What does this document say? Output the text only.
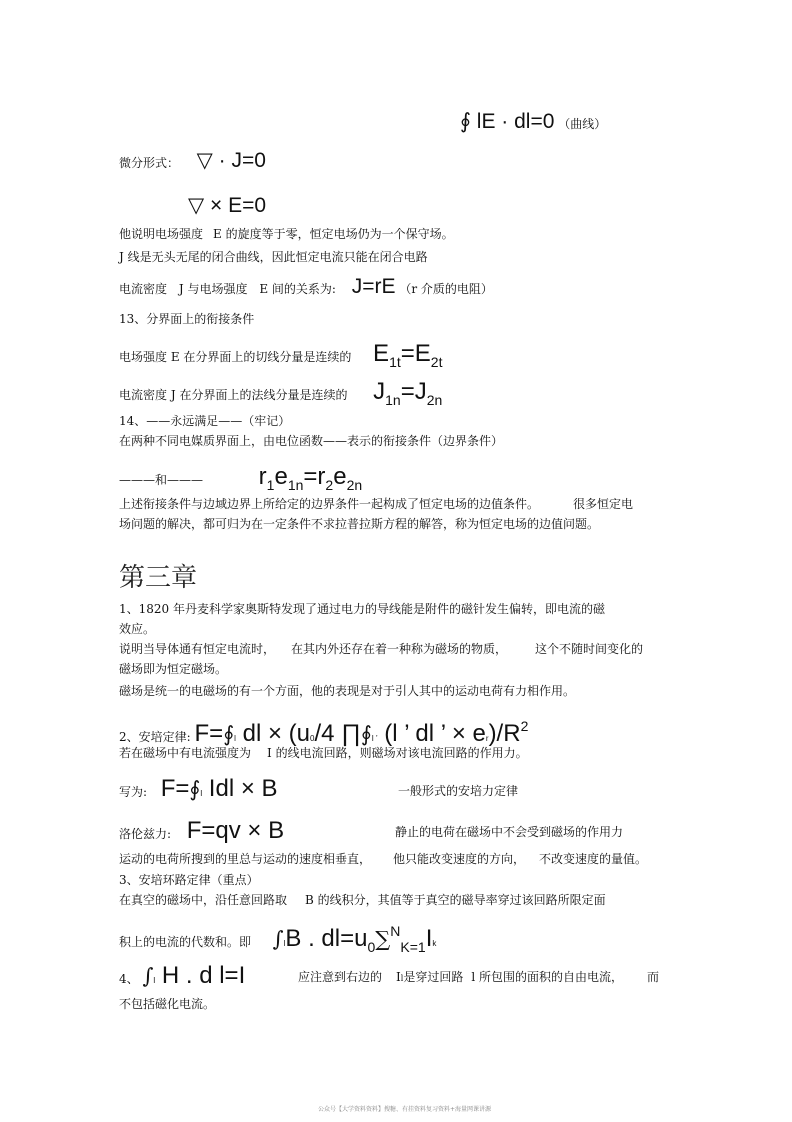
∮ lE · dl=0 （曲线）
微分形式： ▽ · J=0
▽ × E=0
他说明电场强度 E 的旋度等于零，恒定电场仍为一个保守场。
J 线是无头无尾的闭合曲线，因此恒定电流只能在闭合电路
电流密度 J 与电场强度 E 间的关系为: J=rE （r 介质的电阻）
13、分界面上的衔接条件
电场强度 E 在分界面上的切线分量是连续的 $E_{1t}=E_{2t}$
电流密度 J 在分界面上的法线分量是连续的 $J_{1n}=J_{2n}$
14、——永远满足——（牢记）
在两种不同电媒质界面上，由电位函数——表示的衔接条件（边界条件）
———和——— $r_1e_{1n}=r_2e_{2n}$
上述衔接条件与边域边界上所给定的边界条件一起构成了恒定电场的边值条件。	很多恒定电
场问题的解决，都可归为在一定条件不求拉普拉斯方程的解答，称为恒定电场的边值问题。
第三章
1、1820 年丹麦科学家奥斯特发现了通过电力的导线能是附件的磁针发生偏转，即电流的磁
效应。
说明当导体通有恒定电流时， 在其内外还存在着一种称为磁场的物质， 这个不随时间变化的
磁场即为恒定磁场。
磁场是统一的电磁场的有一个方面，他的表现是对于引人其中的运动电荷有力相作用。
2、安培定律: F=∮l dl × (u0/4 ∏∮l ’ (l ’ dl ’ × $er)/R^2$
若在磁场中有电流强度为 I 的线电流回路，则磁场对该电流回路的作用力。
写为: F=∮l Idl × B	一般形式的安培力定律
洛伦兹力: F=qv × B	静止的电荷在磁场中不会受到磁场的作用力
运动的电荷所搜到的里总与运动的速度相垂直， 他只能改变速度的方向， 不改变速度的量值。
3、安培环路定律（重点）
在真空的磁场中，沿任意回路取 B 的线积分，其值等于真空的磁导率穿过该回路所限定面
积上的电流的代数和。即 ∫lB . $dl=u_0\sum^N_{K=1}Ik$
4、 ∫l H . d l=I	应注意到右边的 Il是穿过回路 l 所包围的面积的自由电流， 而
不包括磁化电流。
公众号【大学资料资料】搜糖、有挂资料复习资料+海量网课讲源
